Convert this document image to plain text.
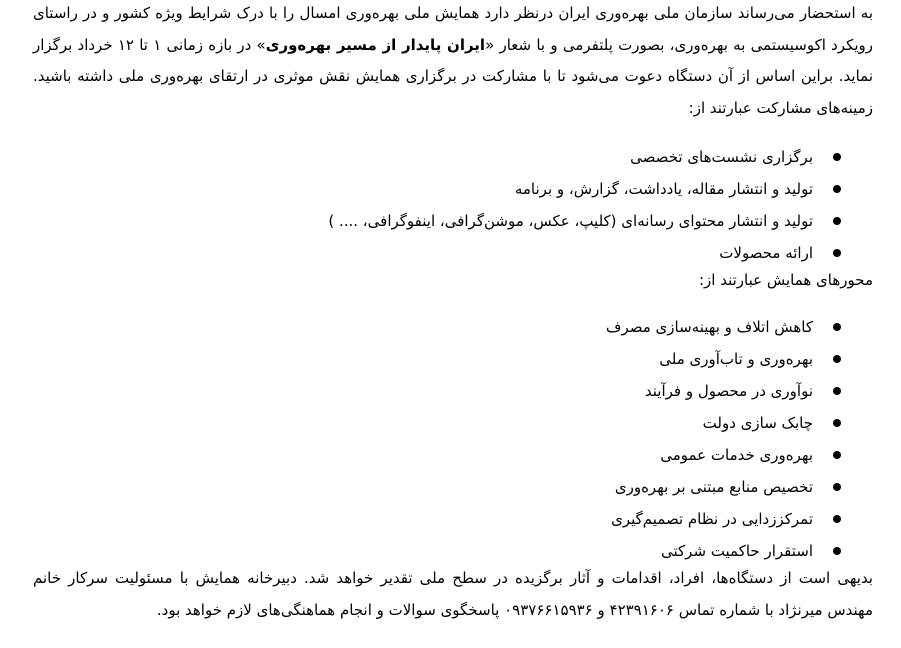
به استحضار می‌رساند سازمان ملی بهره‌وری ایران درنظر دارد همایش ملی بهره‌وری امسال را با درک شرایط ویژه کشور و در راستای رویکرد اکوسیستمی به بهره‌وری، بصورت پلتفرمی و با شعار «ایران پایدار از مسیر بهره‌وری» در بازه زمانی ۱ تا ۱۲ خرداد برگزار نماید. براین اساس از آن دستگاه دعوت می‌شود تا با مشارکت در برگزاری همایش نقش موثری در ارتقای بهره‌وری ملی داشته باشید. زمینه‌های مشارکت عبارتند از:

برگزاری نشست‌های تخصصی
تولید و انتشار مقاله، یادداشت، گزارش، و برنامه
تولید و انتشار محتوای رسانه‌ای (کلیپ، عکس، موشن‌گرافی، اینفوگرافی، .... )
ارائه محصولات

محورهای همایش عبارتند از:

کاهش اتلاف و بهینه‌سازی مصرف
بهره‌وری و تاب‌آوری ملی
نوآوری در محصول و فرآیند
چابک سازی دولت
بهره‌وری خدمات عمومی
تخصیص منابع مبتنی بر بهره‌وری
تمرکززدایی در نظام تصمیم‌گیری
استقرار حاکمیت شرکتی

بدیهی است از دستگاه‌ها، افراد، اقدامات و آثار برگزیده در سطح ملی تقدیر خواهد شد. دبیرخانه همایش با مسئولیت سرکار خانم مهندس میرنژاد با شماره تماس ۴۲۳۹۱۶۰۶ و ۰۹۳۷۶۶۱۵۹۳۶ پاسخگوی سوالات و انجام هماهنگی‌های لازم خواهد بود.
